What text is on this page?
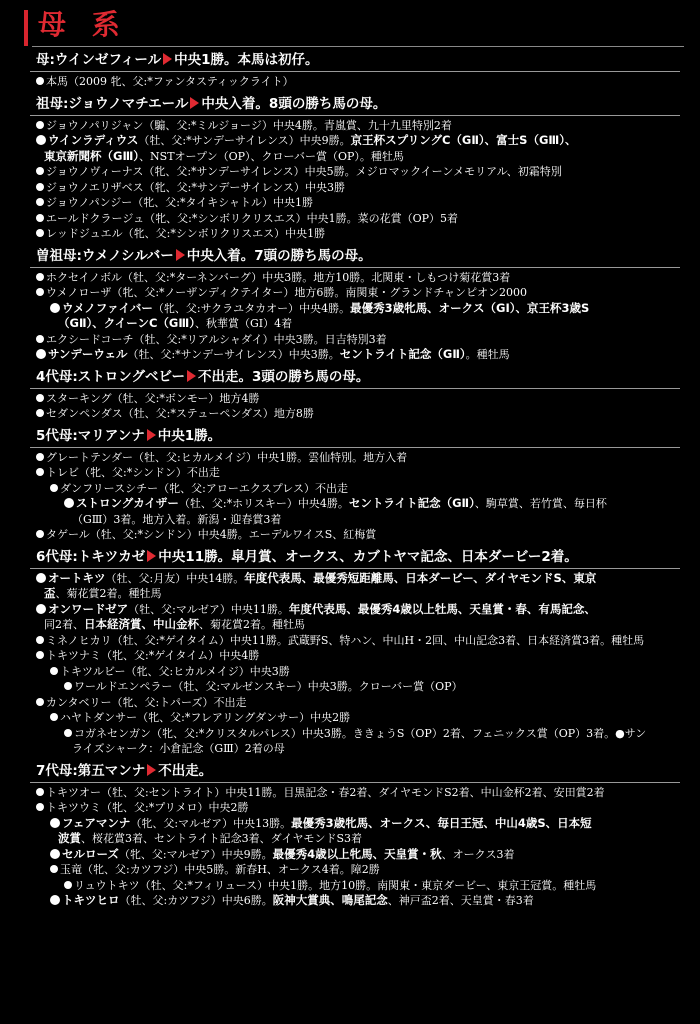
母 系
母:ウインゼフィール 中央1勝。本馬は初仔。
本馬（2009 牝、父:*ファンタスティックライト）
祖母:ジョウノマチエール 中央入着。8頭の勝ち馬の母。
ジョウノパリジャン（騸、父:*ミルジョージ）中央4勝。青嵐賞、九十九里特別2着
ウインラディウス（牡、父:*サンデーサイレンス）中央9勝。京王杯スプリングC（GⅡ）、富士S（GⅢ）、
東京新聞杯（GⅢ）、NSTオープン（OP）、クローバー賞（OP）。種牡馬
ジョウノヴィーナス（牝、父:*サンデーサイレンス）中央5勝。メジロマックイーンメモリアル、初霜特別
ジョウノエリザベス（牝、父:*サンデーサイレンス）中央3勝
ジョウノパンジー（牝、父:*タイキシャトル）中央1勝
エールドクラージュ（牝、父:*シンボリクリスエス）中央1勝。菜の花賞（OP）5着
レッドジュエル（牝、父:*シンボリクリスエス）中央1勝
曽祖母:ウメノシルバー 中央入着。7頭の勝ち馬の母。
ホクセイノボル（牡、父:*ターネンバーグ）中央3勝。地方10勝。北関東・しもつけ菊花賞3着
ウメノローザ（牝、父:*ノーザンディクテイター）地方6勝。南関東・グランドチャンピオン2000
ウメノファイバー（牝、父:サクラユタカオー）中央4勝。最優秀3歳牝馬、オークス（GⅠ）、京王杯3歳S
（GⅡ）、クイーンC（GⅢ）、秋華賞（GⅠ）4着
エクシードコーチ（牡、父:*リアルシャダイ）中央3勝。日吉特別3着
サンデーウェル（牡、父:*サンデーサイレンス）中央3勝。セントライト記念（GⅡ）。種牡馬
4代母:ストロングベビー 不出走。3頭の勝ち馬の母。
スターキング（牡、父:*ボンモー）地方4勝
セダンペンダス（牡、父:*ステューペンダス）地方8勝
5代母:マリアンナ 中央1勝。
グレートテンダー（牡、父:ヒカルメイジ）中央1勝。雲仙特別。地方入着
トレビ（牝、父:*シンドン）不出走
ダンフリースシチー（牝、父:アローエクスプレス）不出走
ストロングカイザー（牡、父:*ホリスキー）中央4勝。セントライト記念（GⅡ）、駒草賞、若竹賞、毎日杯
（GⅢ）3着。地方入着。新潟・迎春賞3着
タゲール（牡、父:*シンドン）中央4勝。エーデルワイスS、紅梅賞
6代母:トキツカゼ 中央11勝。皐月賞、オークス、カブトヤマ記念、日本ダービー2着。
オートキツ（牡、父:月友）中央14勝。年度代表馬、最優秀短距離馬、日本ダービー、ダイヤモンドS、東京
盃、菊花賞2着。種牡馬
オンワードゼア（牡、父:マルゼア）中央11勝。年度代表馬、最優秀4歳以上牡馬、天皇賞・春、有馬記念、
同2着、日本経済賞、中山金杯、菊花賞2着。種牡馬
ミネノヒカリ（牡、父:*ゲイタイム）中央11勝。武蔵野S、特ハン、中山H・2回、中山記念3着、日本経済賞3着。種牡馬
トキツナミ（牝、父:*ゲイタイム）中央4勝
トキツルビー（牝、父:ヒカルメイジ）中央3勝
ワールドエンペラー（牡、父:マルゼンスキー）中央3勝。クローバー賞（OP）
カンタベリー（牝、父:トパーズ）不出走
ハヤトダンサー（牝、父:*フレアリングダンサー）中央2勝
コガネセンガン（牝、父:*クリスタルパレス）中央3勝。ききょうS（OP）2着、フェニックス賞（OP）3着。●サン
ライズシャーク：小倉記念（GⅢ）2着の母
7代母:第五マンナ 不出走。
トキツオー（牡、父:セントライト）中央11勝。目黒記念・春2着、ダイヤモンドS2着、中山金杯2着、安田賞2着
トキツウミ（牝、父:*プリメロ）中央2勝
フェアマンナ（牝、父:マルゼア）中央13勝。最優秀3歳牝馬、オークス、毎日王冠、中山4歳S、日本短
波賞、桜花賞3着、セントライト記念3着、ダイヤモンドS3着
セルローズ（牝、父:マルゼア）中央9勝。最優秀4歳以上牝馬、天皇賞・秋、オークス3着
玉竜（牝、父:カツフジ）中央5勝。新春H、オークス4着。障2勝
リュウトキツ（牡、父:*フィリュース）中央1勝。地方10勝。南関東・東京ダービー、東京王冠賞。種牡馬
トキツヒロ（牡、父:カツフジ）中央6勝。阪神大賞典、鳴尾記念、神戸盃2着、天皇賞・春3着
